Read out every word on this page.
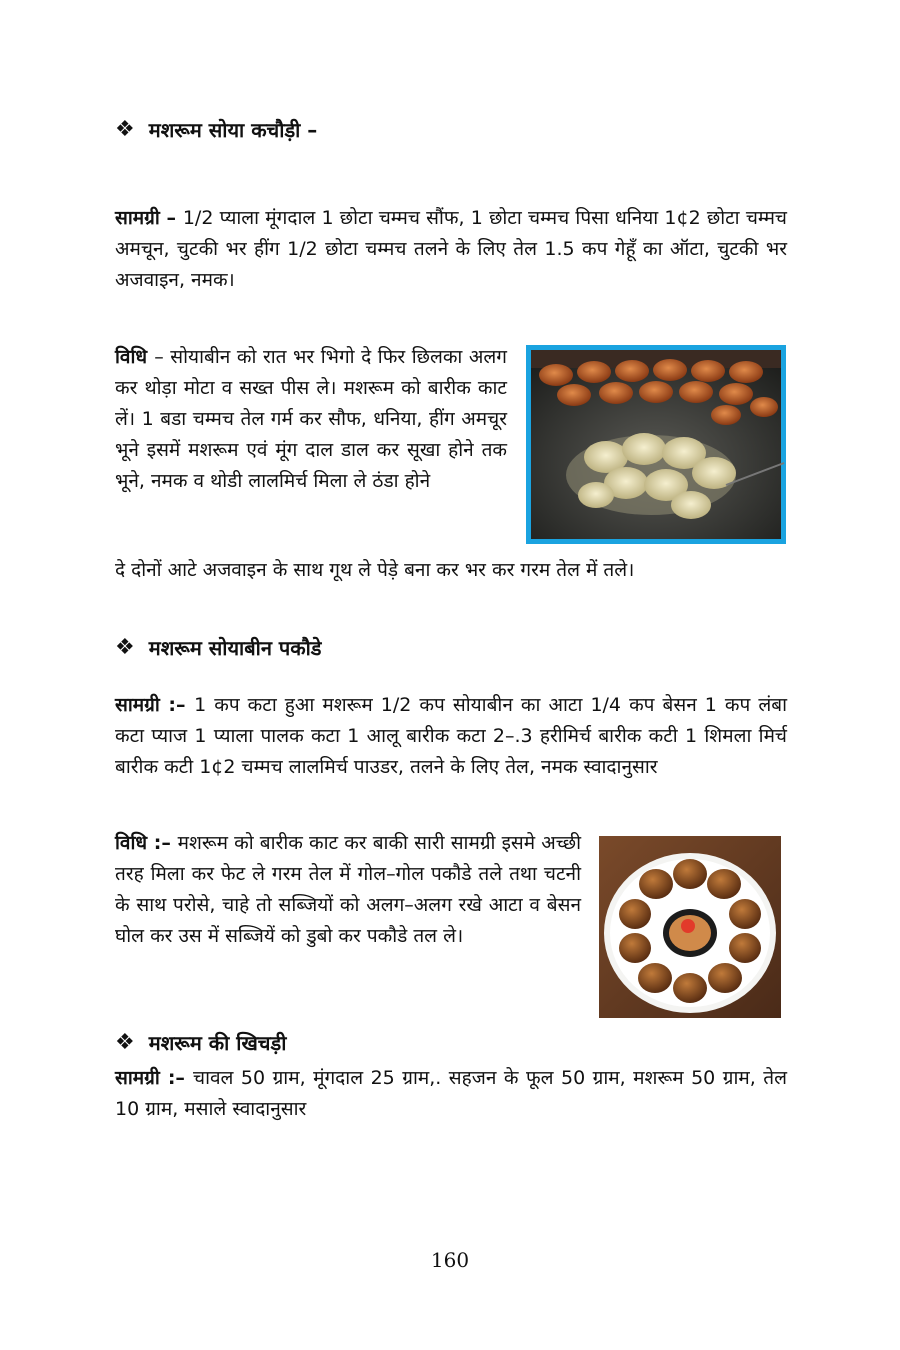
❖ मशरूम सोया कचौड़ी –
सामग्री – 1/2 प्याला मूंगदाल 1 छोटा चम्मच सौंफ, 1 छोटा चम्मच पिसा धनिया 1¢2 छोटा चम्मच अमचून, चुटकी भर हींग 1/2 छोटा चम्मच तलने के लिए तेल 1.5 कप गेहूँ का ऑटा, चुटकी भर अजवाइन, नमक।
विधि – सोयाबीन को रात भर भिगो दे फिर छिलका अलग कर थोड़ा मोटा व सख्त पीस ले। मशरूम को बारीक काट लें। 1 बडा चम्मच तेल गर्म कर सौफ, धनिया, हींग अमचूर भूने इसमें मशरूम एवं मूंग दाल डाल कर सूखा होने तक भूने, नमक व थोडी लालमिर्च मिला ले ठंडा होने
दे दोनों आटे अजवाइन के साथ गूथ ले पेड़े बना कर भर कर गरम तेल में तले।
❖ मशरूम सोयाबीन पकौडे
सामग्री :– 1 कप कटा हुआ मशरूम 1/2 कप सोयाबीन का आटा 1/4 कप बेसन 1 कप लंबा कटा प्याज 1 प्याला पालक कटा 1 आलू बारीक कटा 2–.3 हरीमिर्च बारीक कटी 1 शिमला मिर्च बारीक कटी 1¢2 चम्मच लालमिर्च पाउडर, तलने के लिए तेल, नमक स्वादानुसार
विधि :– मशरूम को बारीक काट कर बाकी सारी सामग्री इसमे अच्छी तरह मिला कर फेट ले गरम तेल में गोल–गोल पकौडे तले तथा चटनी के साथ परोसे, चाहे तो सब्जियों को अलग–अलग रखे आटा व बेसन घोल कर उस में सब्जियें को डुबो कर पकौडे तल ले।
❖ मशरूम की खिचड़ी
सामग्री :– चावल 50 ग्राम, मूंगदाल 25 ग्राम,. सहजन के फूल 50 ग्राम, मशरूम 50 ग्राम, तेल 10 ग्राम, मसाले स्वादानुसार
160
